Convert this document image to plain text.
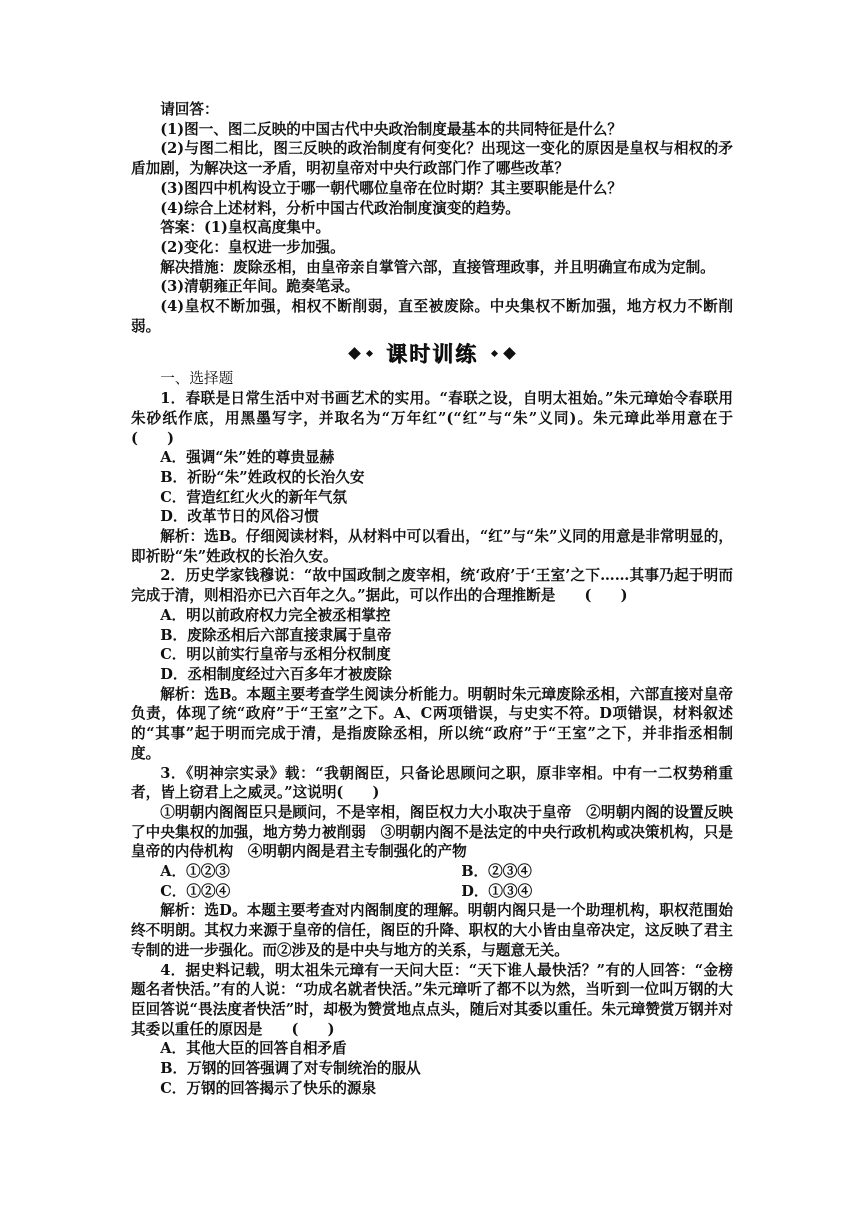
请回答：

(1)图一、图二反映的中国古代中央政治制度最基本的共同特征是什么？

(2)与图二相比，图三反映的政治制度有何变化？出现这一变化的原因是皇权与相权的矛盾加剧，为解决这一矛盾，明初皇帝对中央行政部门作了哪些改革？

(3)图四中机构设立于哪一朝代哪位皇帝在位时期？其主要职能是什么？

(4)综合上述材料，分析中国古代政治制度演变的趋势。

答案：(1)皇权高度集中。

(2)变化：皇权进一步加强。

解决措施：废除丞相，由皇帝亲自掌管六部，直接管理政事，并且明确宣布成为定制。

(3)清朝雍正年间。跪奏笔录。

(4)皇权不断加强，相权不断削弱，直至被废除。中央集权不断加强，地方权力不断削弱。

课时训练

一、选择题

1．春联是日常生活中对书画艺术的实用。“春联之设，自明太祖始。”朱元璋始令春联用朱砂纸作底，用黑墨写字，并取名为“万年红”(“红”与“朱”义同)。朱元璋此举用意在于(　　)

A．强调“朱”姓的尊贵显赫

B．祈盼“朱”姓政权的长治久安

C．营造红红火火的新年气氛

D．改革节日的风俗习惯

解析：选B。仔细阅读材料，从材料中可以看出，“红”与“朱”义同的用意是非常明显的，即祈盼“朱”姓政权的长治久安。

2．历史学家钱穆说：“故中国政制之废宰相，统‘政府’于‘王室’之下……其事乃起于明而完成于清，则相沿亦已六百年之久。”据此，可以作出的合理推断是　　(　　)

A．明以前政府权力完全被丞相掌控

B．废除丞相后六部直接隶属于皇帝

C．明以前实行皇帝与丞相分权制度

D．丞相制度经过六百多年才被废除

解析：选B。本题主要考查学生阅读分析能力。明朝时朱元璋废除丞相，六部直接对皇帝负责，体现了统“政府”于“王室”之下。A、C两项错误，与史实不符。D项错误，材料叙述的“其事”起于明而完成于清，是指废除丞相，所以统“政府”于“王室”之下，并非指丞相制度。

3．《明神宗实录》载：“我朝阁臣，只备论思顾问之职，原非宰相。中有一二权势稍重者，皆上窃君上之威灵。”这说明(　　)

①明朝内阁阁臣只是顾问，不是宰相，阁臣权力大小取决于皇帝　②明朝内阁的设置反映了中央集权的加强，地方势力被削弱　③明朝内阁不是法定的中央行政机构或决策机构，只是皇帝的内侍机构　④明朝内阁是君主专制强化的产物

A．①②③	B．②③④
C．①②④	D．①③④

解析：选D。本题主要考查对内阁制度的理解。明朝内阁只是一个助理机构，职权范围始终不明朗。其权力来源于皇帝的信任，阁臣的升降、职权的大小皆由皇帝决定，这反映了君主专制的进一步强化。而②涉及的是中央与地方的关系，与题意无关。

4．据史料记载，明太祖朱元璋有一天问大臣：“天下谁人最快活？”有的人回答：“金榜题名者快活。”有的人说：“功成名就者快活。”朱元璋听了都不以为然，当听到一位叫万钢的大臣回答说“畏法度者快活”时，却极为赞赏地点点头，随后对其委以重任。朱元璋赞赏万钢并对其委以重任的原因是　　(　　)

A．其他大臣的回答自相矛盾

B．万钢的回答强调了对专制统治的服从

C．万钢的回答揭示了快乐的源泉
